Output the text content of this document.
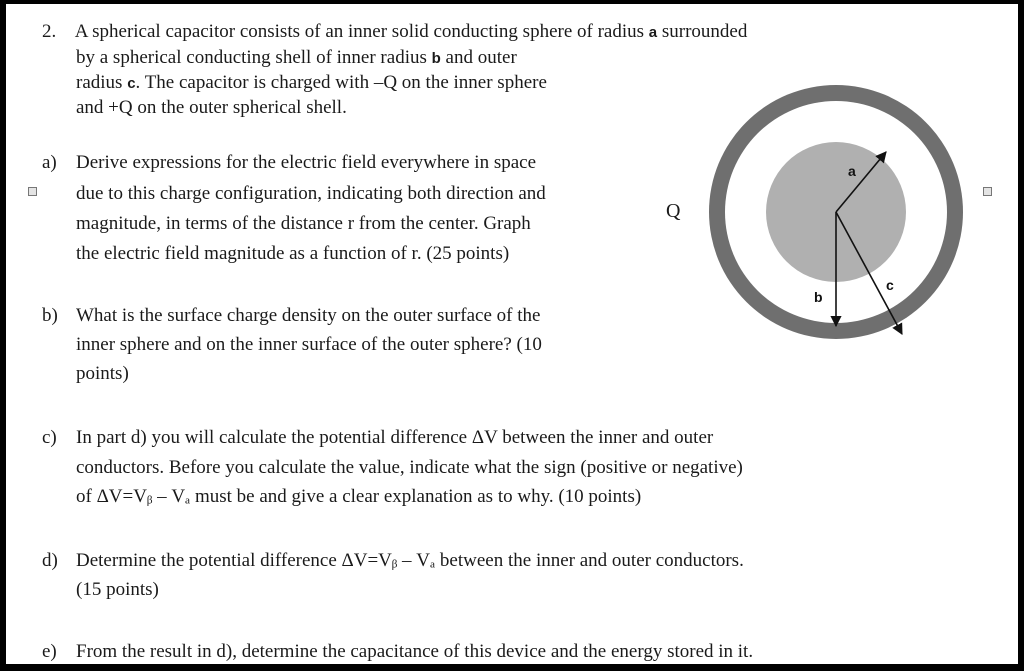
2. A spherical capacitor consists of an inner solid conducting sphere of radius a surrounded
by a spherical conducting shell of inner radius b and outer
radius c. The capacitor is charged with –Q on the inner sphere
and +Q on the outer spherical shell.
a) Derive expressions for the electric field everywhere in space
due to this charge configuration, indicating both direction and
magnitude, in terms of the distance r from the center. Graph
the electric field magnitude as a function of r. (25 points)
b) What is the surface charge density on the outer surface of the
inner sphere and on the inner surface of the outer sphere? (10
points)
c) In part d) you will calculate the potential difference ΔV between the inner and outer
conductors. Before you calculate the value, indicate what the sign (positive or negative)
of ΔV=Vᵦ – Vₐ must be and give a clear explanation as to why. (10 points)
d) Determine the potential difference ΔV=Vᵦ – Vₐ between the inner and outer conductors.
(15 points)
e) From the result in d), determine the capacitance of this device and the energy stored in it.
Q
a
b
c
